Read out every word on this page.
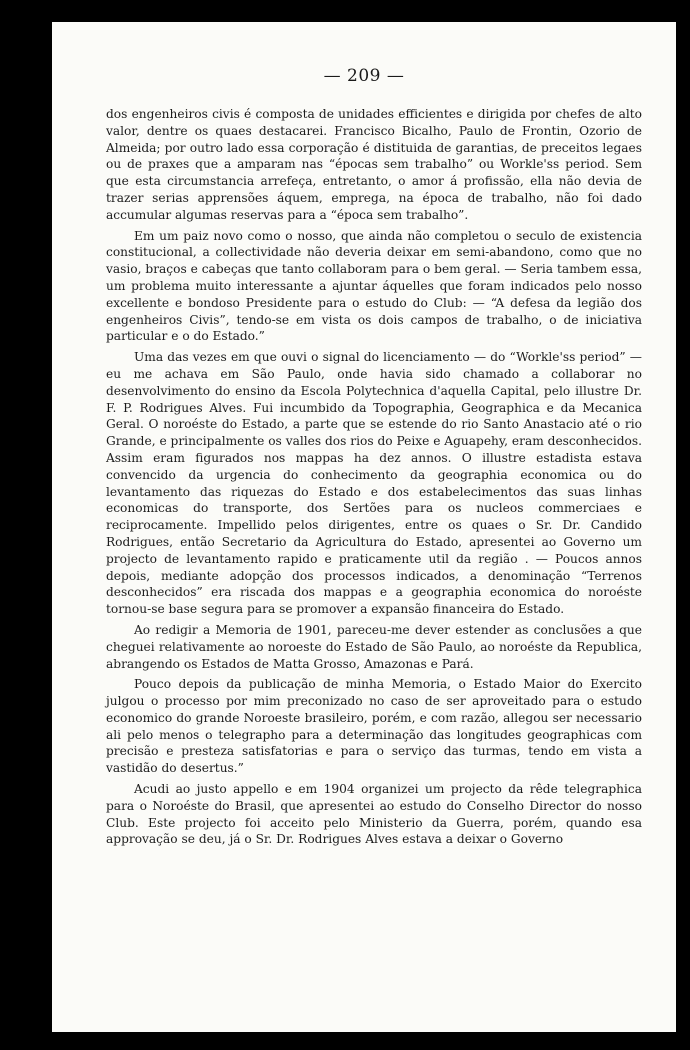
— 209 —

dos engenheiros civis é composta de unidades efficientes e dirigida por chefes de alto valor, dentre os quaes destacarei. Francisco Bicalho, Paulo de Frontin, Ozorio de Almeida; por outro lado essa corporação é distituida de garantias, de preceitos legaes ou de praxes que a amparam nas “épocas sem trabalho” ou Workle'ss period. Sem que esta circumstancia arrefeça, entretanto, o amor á profissão, ella não devia de trazer serias apprensões áquem, emprega, na época de trabalho, não foi dado accumular algumas reservas para a “época sem trabalho”.

Em um paiz novo como o nosso, que ainda não completou o seculo de existencia constitucional, a collectividade não deveria deixar em semi-abandono, como que no vasio, braços e cabeças que tanto collaboram para o bem geral. — Seria tambem essa, um problema muito interessante a ajuntar áquelles que foram indicados pelo nosso excellente e bondoso Presidente para o estudo do Club: — “A defesa da legião dos engenheiros Civis”, tendo-se em vista os dois campos de trabalho, o de iniciativa particular e o do Estado.”

Uma das vezes em que ouvi o signal do licenciamento — do “Workle'ss period” — eu me achava em São Paulo, onde havia sido chamado a collaborar no desenvolvimento do ensino da Escola Polytechnica d'aquella Capital, pelo illustre Dr. F. P. Rodrigues Alves. Fui incumbido da Topographia, Geographica e da Mecanica Geral. O noroéste do Estado, a parte que se estende do rio Santo Anastacio até o rio Grande, e principalmente os valles dos rios do Peixe e Aguapehy, eram desconhecidos. Assim eram figurados nos mappas ha dez annos. O illustre estadista estava convencido da urgencia do conhecimento da geographia economica ou do levantamento das riquezas do Estado e dos estabelecimentos das suas linhas economicas do transporte, dos Sertões para os nucleos commerciaes e reciprocamente. Impellido pelos dirigentes, entre os quaes o Sr. Dr. Candido Rodrigues, então Secretario da Agricultura do Estado, apresentei ao Governo um projecto de levantamento rapido e praticamente util da região . — Poucos annos depois, mediante adopção dos processos indicados, a denominação “Terrenos desconhecidos” era riscada dos mappas e a geographia economica do noroéste tornou-se base segura para se promover a expansão financeira do Estado.

Ao redigir a Memoria de 1901, pareceu-me dever estender as conclusões a que cheguei relativamente ao noroeste do Estado de São Paulo, ao noroéste da Republica, abrangendo os Estados de Matta Grosso, Amazonas e Pará.

Pouco depois da publicação de minha Memoria, o Estado Maior do Exercito julgou o processo por mim preconizado no caso de ser aproveitado para o estudo economico do grande Noroeste brasileiro, porém, e com razão, allegou ser necessario ali pelo menos o telegrapho para a determinação das longitudes geographicas com precisão e presteza satisfatorias e para o serviço das turmas, tendo em vista a vastidão do desertus.”

Acudi ao justo appello e em 1904 organizei um projecto da rêde telegraphica para o Noroéste do Brasil, que apresentei ao estudo do Conselho Director do nosso Club. Este projecto foi acceito pelo Ministerio da Guerra, porém, quando esa approvação se deu, já o Sr. Dr. Rodrigues Alves estava a deixar o Governo
